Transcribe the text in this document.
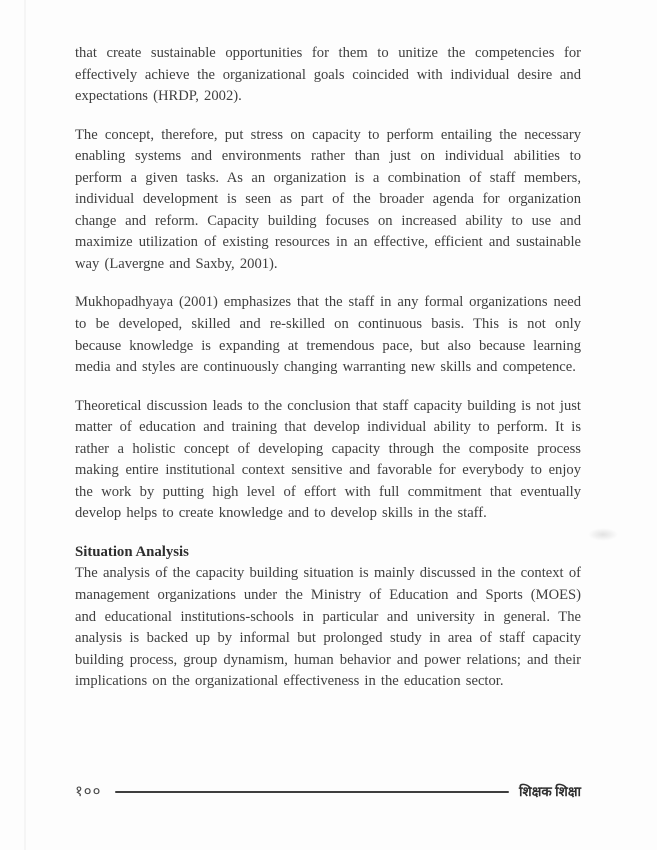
that create sustainable opportunities for them to unitize the competencies for effectively achieve the organizational goals coincided with individual desire and expectations (HRDP, 2002).

The concept, therefore, put stress on capacity to perform entailing the necessary enabling systems and environments rather than just on individual abilities to perform a given tasks. As an organization is a combination of staff members, individual development is seen as part of the broader agenda for organization change and reform. Capacity building focuses on increased ability to use and maximize utilization of existing resources in an effective, efficient and sustainable way (Lavergne and Saxby, 2001).

Mukhopadhyaya (2001) emphasizes that the staff in any formal organizations need to be developed, skilled and re-skilled on continuous basis. This is not only because knowledge is expanding at tremendous pace, but also because learning media and styles are continuously changing warranting new skills and competence.

Theoretical discussion leads to the conclusion that staff capacity building is not just matter of education and training that develop individual ability to perform. It is rather a holistic concept of developing capacity through the composite process making entire institutional context sensitive and favorable for everybody to enjoy the work by putting high level of effort with full commitment that eventually develop helps to create knowledge and to develop skills in the staff.

Situation Analysis

The analysis of the capacity building situation is mainly discussed in the context of management organizations under the Ministry of Education and Sports (MOES) and educational institutions-schools in particular and university in general. The analysis is backed up by informal but prolonged study in area of staff capacity building process, group dynamism, human behavior and power relations; and their implications on the organizational effectiveness in the education sector.

१००	शिक्षक शिक्षा
